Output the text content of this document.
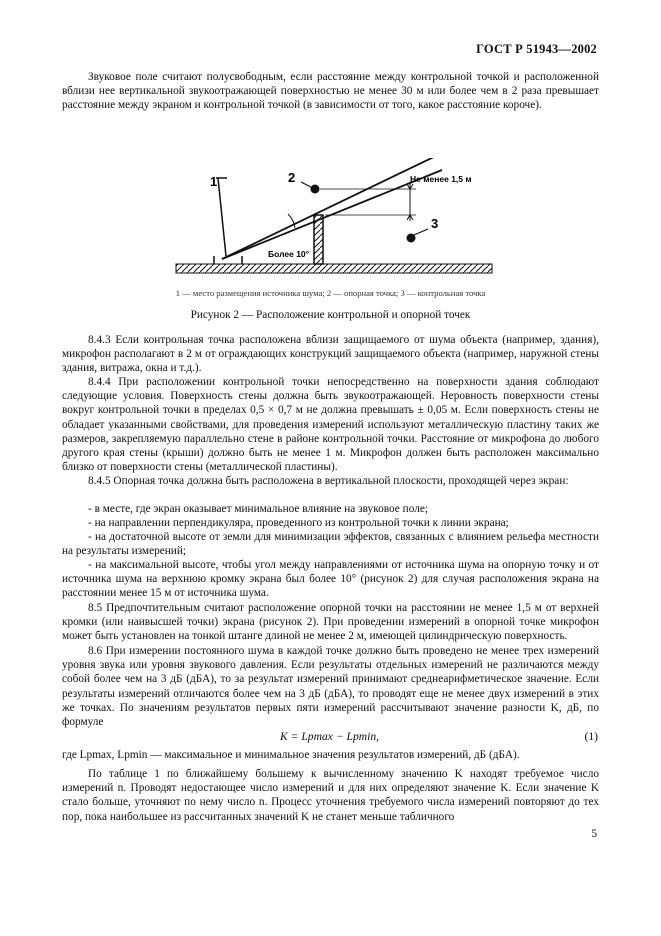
ГОСТ Р 51943—2002

Звуковое поле считают полусвободным, если расстояние между контрольной точкой и расположенной вблизи нее вертикальной звукоотражающей поверхностью не менее 30 м или более чем в 2 раза превышает расстояние между экраном и контрольной точкой (в зависимости от того, какое расстояние короче).

1	2	Не менее 1,5 м
Более 10°
3
1 — место размещения источника шума; 2 — опорная точка; 3 — контрольная точка
Рисунок 2 — Расположение контрольной и опорной точек

8.4.3 Если контрольная точка расположена вблизи защищаемого от шума объекта (например, здания), микрофон располагают в 2 м от ограждающих конструкций защищаемого объекта (например, наружной стены здания, витража, окна и т.д.).

8.4.4 При расположении контрольной точки непосредственно на поверхности здания соблюдают следующие условия. Поверхность стены должна быть звукоотражающей. Неровность поверхности стены вокруг контрольной точки в пределах 0,5 × 0,7 м не должна превышать ± 0,05 м. Если поверхность стены не обладает указанными свойствами, для проведения измерений используют металлическую пластину таких же размеров, закрепляемую параллельно стене в районе контрольной точки. Расстояние от микрофона до любого другого края стены (крыши) должно быть не менее 1 м. Микрофон должен быть расположен максимально близко от поверхности стены (металлической пластины).

8.4.5 Опорная точка должна быть расположена в вертикальной плоскости, проходящей через экран:

- в месте, где экран оказывает минимальное влияние на звуковое поле;

- на направлении перпендикуляра, проведенного из контрольной точки к линии экрана;

- на достаточной высоте от земли для минимизации эффектов, связанных с влиянием рельефа местности на результаты измерений;

- на максимальной высоте, чтобы угол между направлениями от источника шума на опорную точку и от источника шума на верхнюю кромку экрана был более 10° (рисунок 2) для случая расположения экрана на расстоянии менее 15 м от источника шума.

8.5 Предпочтительным считают расположение опорной точки на расстоянии не менее 1,5 м от верхней кромки (или наивысшей точки) экрана (рисунок 2). При проведении измерений в опорной точке микрофон может быть установлен на тонкой штанге длиной не менее 2 м, имеющей цилиндрическую поверхность.

8.6 При измерении постоянного шума в каждой точке должно быть проведено не менее трех измерений уровня звука или уровня звукового давления. Если результаты отдельных измерений не различаются между собой более чем на 3 дБ (дБА), то за результат измерений принимают среднеарифметическое значение. Если результаты измерений отличаются более чем на 3 дБ (дБА), то проводят еще не менее двух измерений в этих же точках. По значениям результатов первых пяти измерений рассчитывают значение разности K, дБ, по формуле

K = Lpmax − Lpmin,	(1)

где Lpmax, Lpmin — максимальное и минимальное значения результатов измерений, дБ (дБА).

По таблице 1 по ближайшему большему к вычисленному значению K находят требуемое число измерений n. Проводят недостающее число измерений и для них определяют значение K. Если значение K стало больше, уточняют по нему число n. Процесс уточнения требуемого числа измерений повторяют до тех пор, пока наибольшее из рассчитанных значений K не станет меньше табличного

5
